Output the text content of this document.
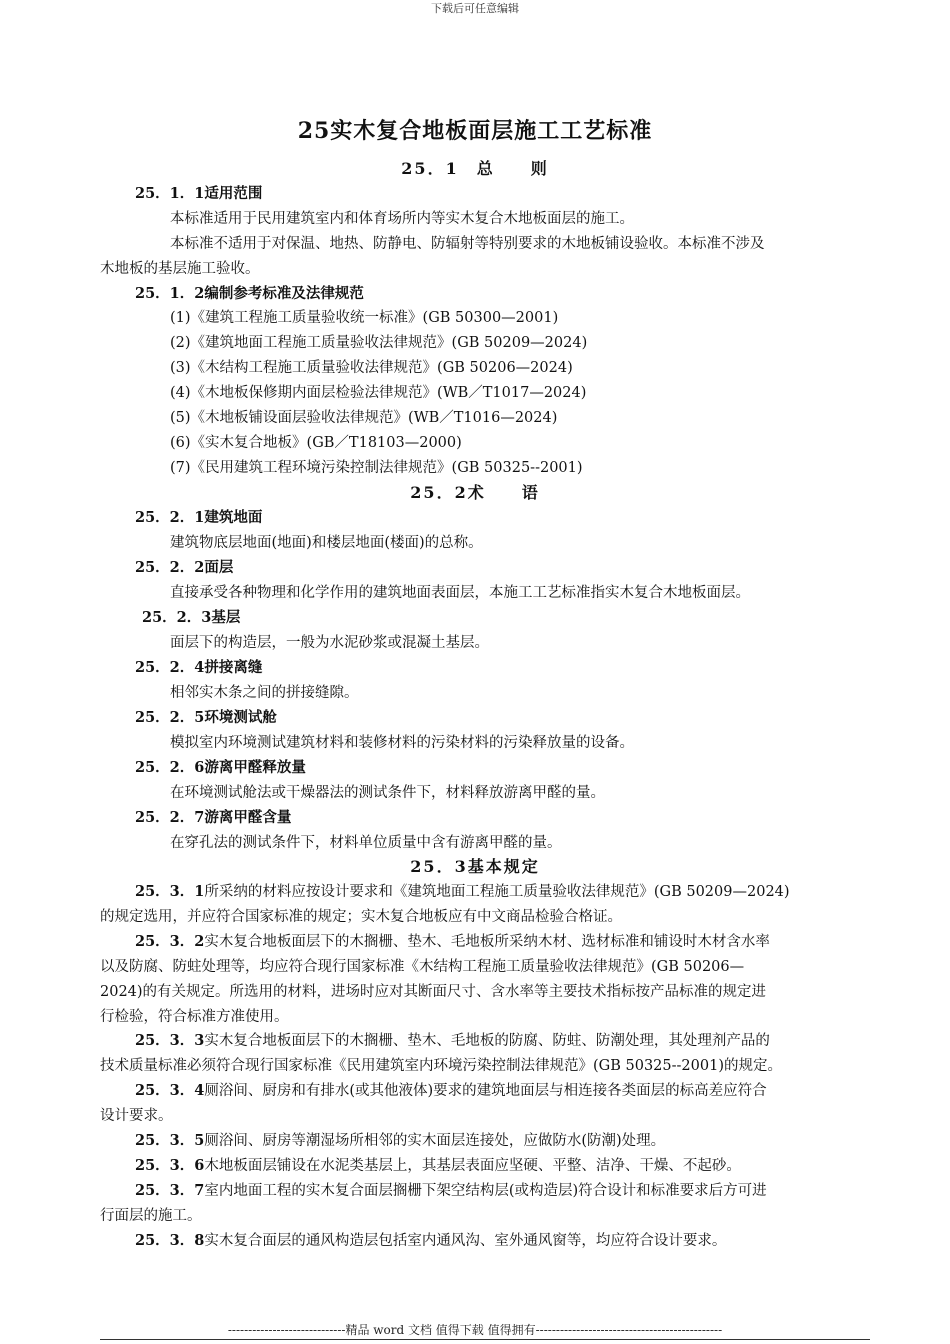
下载后可任意编辑
25实木复合地板面层施工工艺标准
25．1　总　　则
25．1．1适用范围
本标准适用于民用建筑室内和体育场所内等实木复合木地板面层的施工。
本标准不适用于对保温、地热、防静电、防辐射等特别要求的木地板铺设验收。本标准不涉及
木地板的基层施工验收。
25．1．2编制参考标准及法律规范
(1)《建筑工程施工质量验收统一标准》(GB 50300—2001)
(2)《建筑地面工程施工质量验收法律规范》(GB 50209—2024)
(3)《木结构工程施工质量验收法律规范》(GB 50206—2024)
(4)《木地板保修期内面层检验法律规范》(WB／T1017—2024)
(5)《木地板铺设面层验收法律规范》(WB／T1016—2024)
(6)《实木复合地板》(GB／T18103—2000)
(7)《民用建筑工程环境污染控制法律规范》(GB 50325--2001)
25．2术　　语
25．2．1建筑地面
建筑物底层地面(地面)和楼层地面(楼面)的总称。
25．2．2面层
直接承受各种物理和化学作用的建筑地面表面层，本施工工艺标准指实木复合木地板面层。
25．2．3基层
面层下的构造层，一般为水泥砂浆或混凝土基层。
25．2．4拼接离缝
相邻实木条之间的拼接缝隙。
25．2．5环境测试舱
模拟室内环境测试建筑材料和装修材料的污染材料的污染释放量的设备。
25．2．6游离甲醛释放量
在环境测试舱法或干燥器法的测试条件下，材料释放游离甲醛的量。
25．2．7游离甲醛含量
在穿孔法的测试条件下，材料单位质量中含有游离甲醛的量。
25．3基本规定
25．3．1所采纳的材料应按设计要求和《建筑地面工程施工质量验收法律规范》(GB 50209—2024)
的规定选用，并应符合国家标准的规定；实木复合地板应有中文商品检验合格证。
25．3．2实木复合地板面层下的木搁栅、垫木、毛地板所采纳木材、选材标准和铺设时木材含水率
以及防腐、防蛀处理等，均应符合现行国家标准《木结构工程施工质量验收法律规范》(GB 50206—
2024)的有关规定。所选用的材料，进场时应对其断面尺寸、含水率等主要技术指标按产品标准的规定进
行检验，符合标准方准使用。
25．3．3实木复合地板面层下的木搁栅、垫木、毛地板的防腐、防蛀、防潮处理，其处理剂产品的
技术质量标准必须符合现行国家标准《民用建筑室内环境污染控制法律规范》(GB 50325--2001)的规定。
25．3．4厕浴间、厨房和有排水(或其他液体)要求的建筑地面层与相连接各类面层的标高差应符合
设计要求。
25．3．5厕浴间、厨房等潮湿场所相邻的实木面层连接处，应做防水(防潮)处理。
25．3．6木地板面层铺设在水泥类基层上，其基层表面应坚硬、平整、洁净、干燥、不起砂。
25．3．7室内地面工程的实木复合面层搁栅下架空结构层(或构造层)符合设计和标准要求后方可进
行面层的施工。
25．3．8实木复合面层的通风构造层包括室内通风沟、室外通风窗等，均应符合设计要求。
-----------------------------精品 word 文档 值得下载 值得拥有----------------------------------------------
